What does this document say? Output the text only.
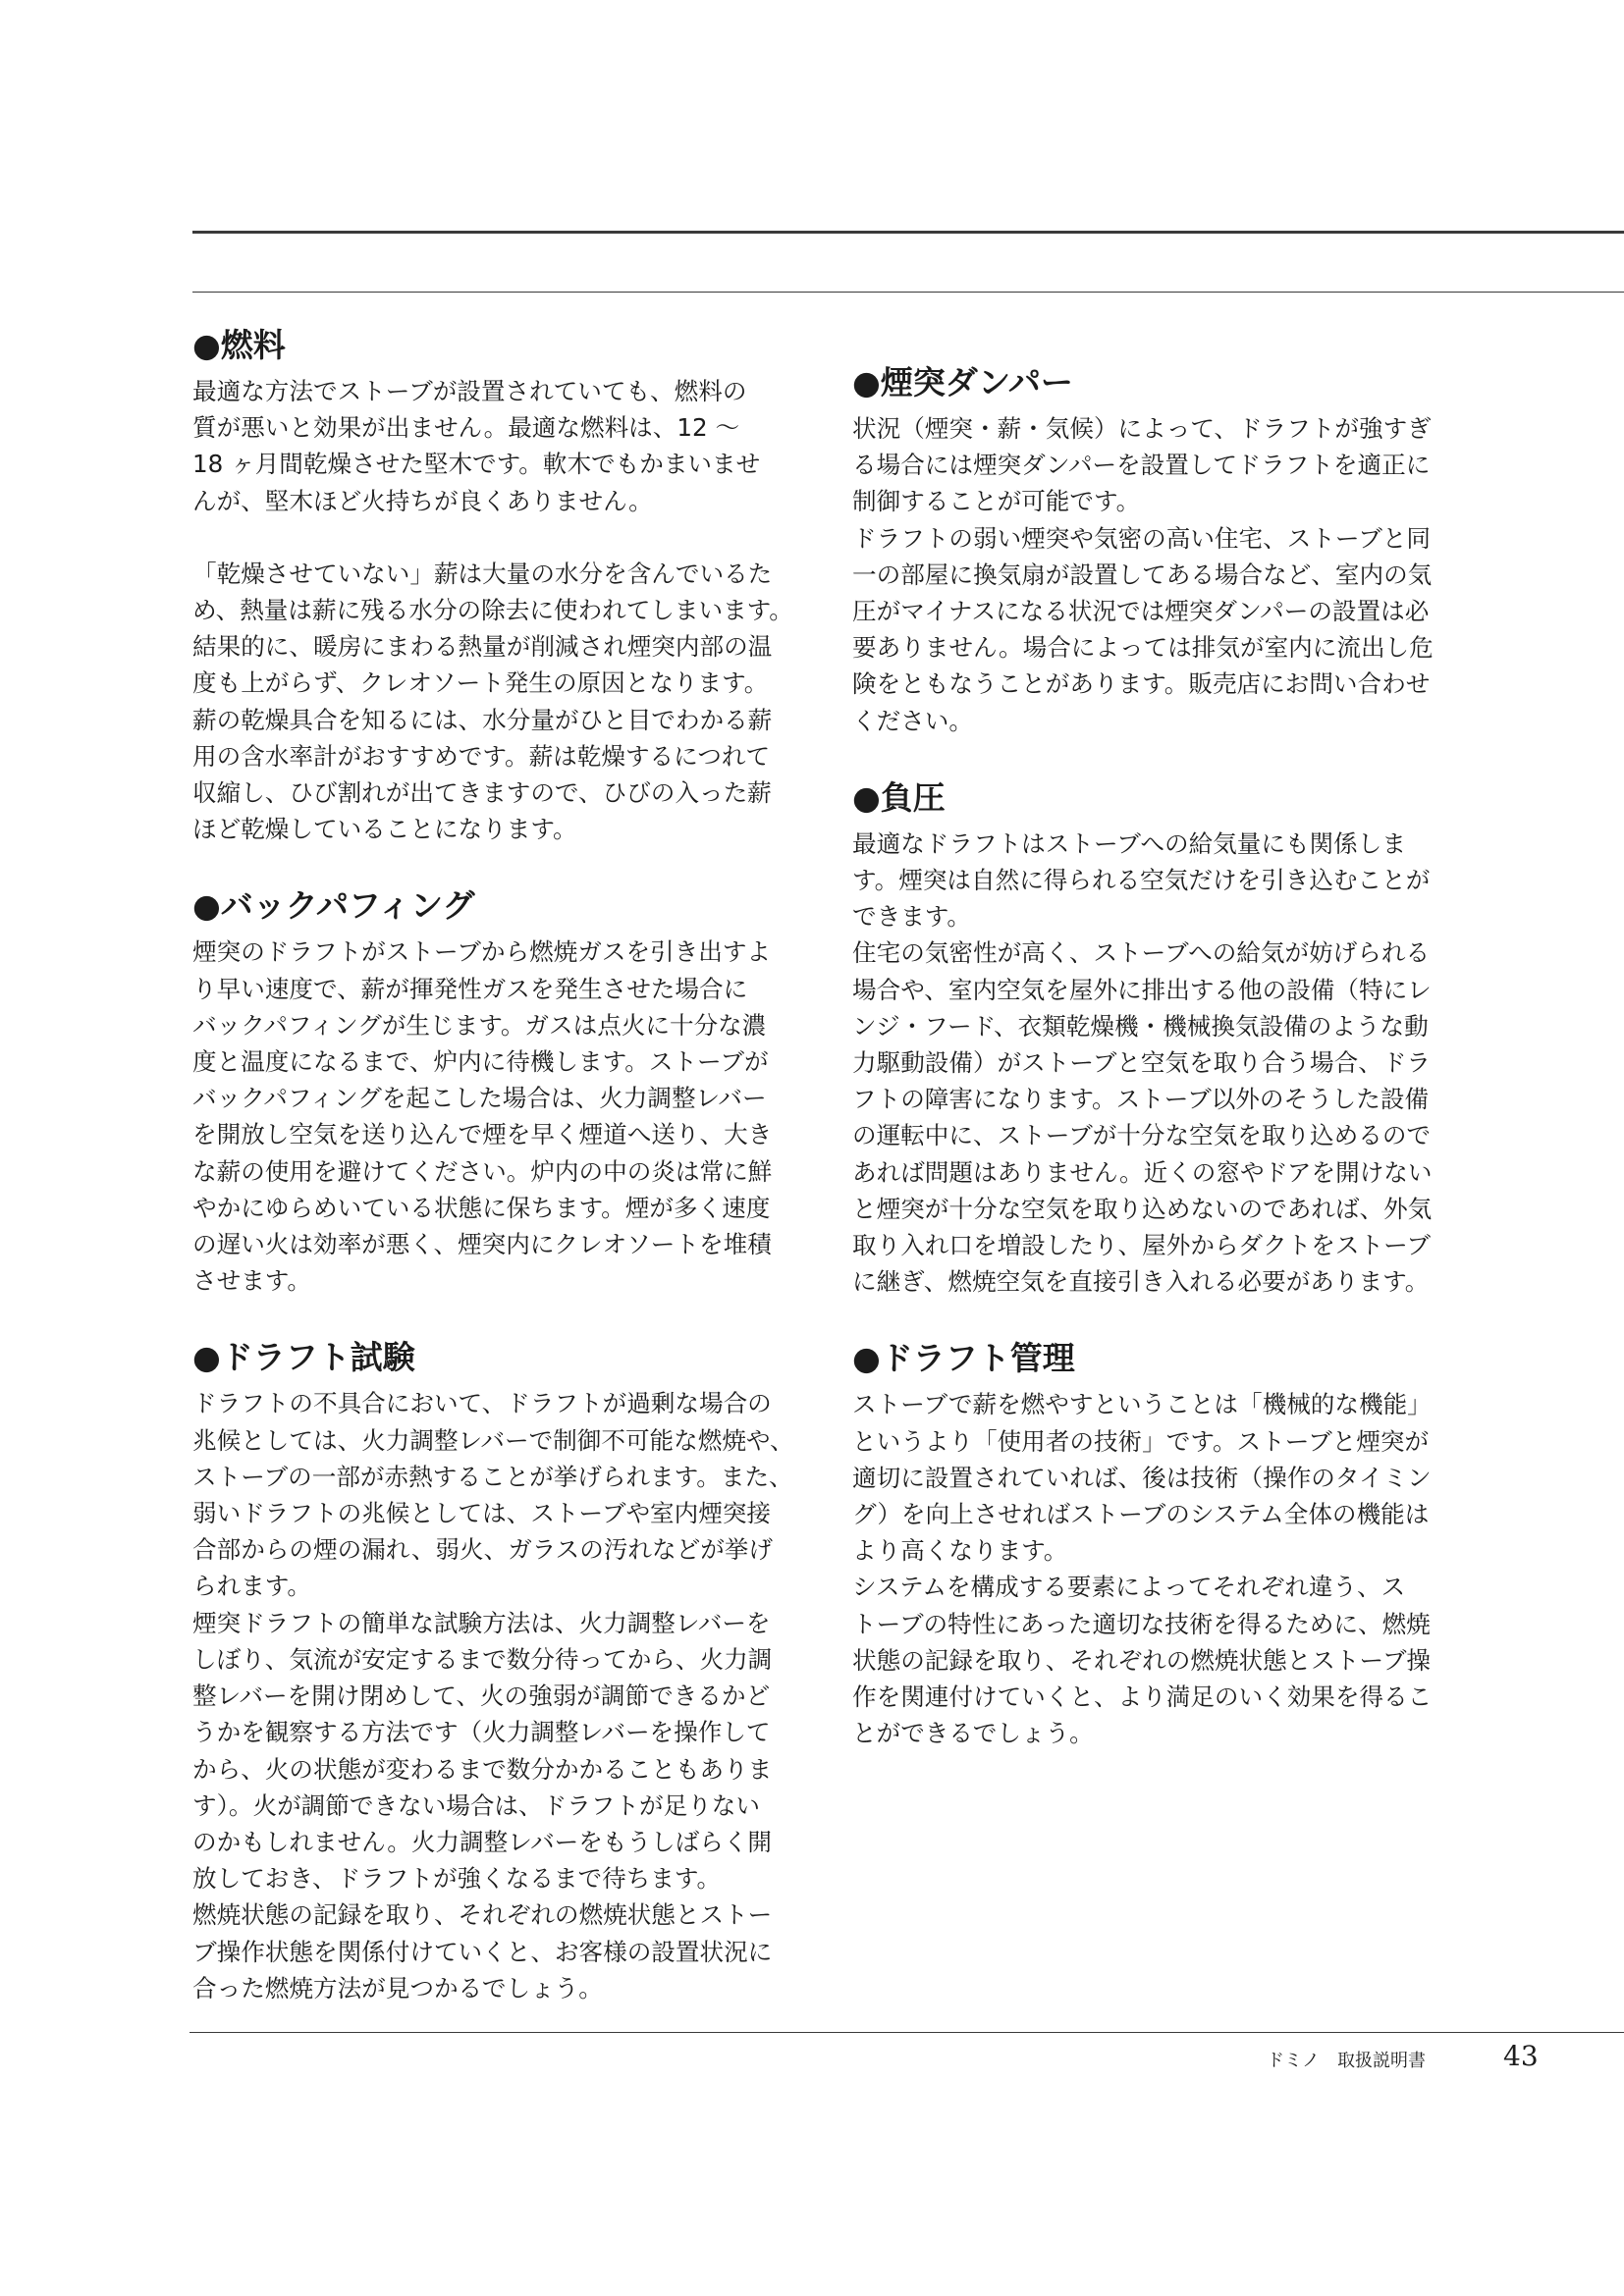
●燃料

最適な方法でストーブが設置されていても、燃料の
質が悪いと効果が出ません。最適な燃料は、12 ～
18 ヶ月間乾燥させた堅木です。軟木でもかまいませ
んが、堅木ほど火持ちが良くありません。

「乾燥させていない」薪は大量の水分を含んでいるた
め、熱量は薪に残る水分の除去に使われてしまいます。
結果的に、暖房にまわる熱量が削減され煙突内部の温
度も上がらず、クレオソート発生の原因となります。
薪の乾燥具合を知るには、水分量がひと目でわかる薪
用の含水率計がおすすめです。薪は乾燥するにつれて
収縮し、ひび割れが出てきますので、ひびの入った薪
ほど乾燥していることになります。

●バックパフィング

煙突のドラフトがストーブから燃焼ガスを引き出すよ
り早い速度で、薪が揮発性ガスを発生させた場合に
バックパフィングが生じます。ガスは点火に十分な濃
度と温度になるまで、炉内に待機します。ストーブが
バックパフィングを起こした場合は、火力調整レバー
を開放し空気を送り込んで煙を早く煙道へ送り、大き
な薪の使用を避けてください。炉内の中の炎は常に鮮
やかにゆらめいている状態に保ちます。煙が多く速度
の遅い火は効率が悪く、煙突内にクレオソートを堆積
させます。

●ドラフト試験

ドラフトの不具合において、ドラフトが過剰な場合の
兆候としては、火力調整レバーで制御不可能な燃焼や、
ストーブの一部が赤熱することが挙げられます。また、
弱いドラフトの兆候としては、ストーブや室内煙突接
合部からの煙の漏れ、弱火、ガラスの汚れなどが挙げ
られます。
煙突ドラフトの簡単な試験方法は、火力調整レバーを
しぼり、気流が安定するまで数分待ってから、火力調
整レバーを開け閉めして、火の強弱が調節できるかど
うかを観察する方法です（火力調整レバーを操作して
から、火の状態が変わるまで数分かかることもありま
す）。火が調節できない場合は、ドラフトが足りない
のかもしれません。火力調整レバーをもうしばらく開
放しておき、ドラフトが強くなるまで待ちます。
燃焼状態の記録を取り、それぞれの燃焼状態とストー
ブ操作状態を関係付けていくと、お客様の設置状況に
合った燃焼方法が見つかるでしょう。

●煙突ダンパー

状況（煙突・薪・気候）によって、ドラフトが強すぎ
る場合には煙突ダンパーを設置してドラフトを適正に
制御することが可能です。
ドラフトの弱い煙突や気密の高い住宅、ストーブと同
一の部屋に換気扇が設置してある場合など、室内の気
圧がマイナスになる状況では煙突ダンパーの設置は必
要ありません。場合によっては排気が室内に流出し危
険をともなうことがあります。販売店にお問い合わせ
ください。

●負圧

最適なドラフトはストーブへの給気量にも関係しま
す。煙突は自然に得られる空気だけを引き込むことが
できます。
住宅の気密性が高く、ストーブへの給気が妨げられる
場合や、室内空気を屋外に排出する他の設備（特にレ
ンジ・フード、衣類乾燥機・機械換気設備のような動
力駆動設備）がストーブと空気を取り合う場合、ドラ
フトの障害になります。ストーブ以外のそうした設備
の運転中に、ストーブが十分な空気を取り込めるので
あれば問題はありません。近くの窓やドアを開けない
と煙突が十分な空気を取り込めないのであれば、外気
取り入れ口を増設したり、屋外からダクトをストーブ
に継ぎ、燃焼空気を直接引き入れる必要があります。

●ドラフト管理

ストーブで薪を燃やすということは「機械的な機能」
というより「使用者の技術」です。ストーブと煙突が
適切に設置されていれば、後は技術（操作のタイミン
グ）を向上させればストーブのシステム全体の機能は
より高くなります。
システムを構成する要素によってそれぞれ違う、ス
トーブの特性にあった適切な技術を得るために、燃焼
状態の記録を取り、それぞれの燃焼状態とストーブ操
作を関連付けていくと、より満足のいく効果を得るこ
とができるでしょう。

ドミノ　取扱説明書	43
